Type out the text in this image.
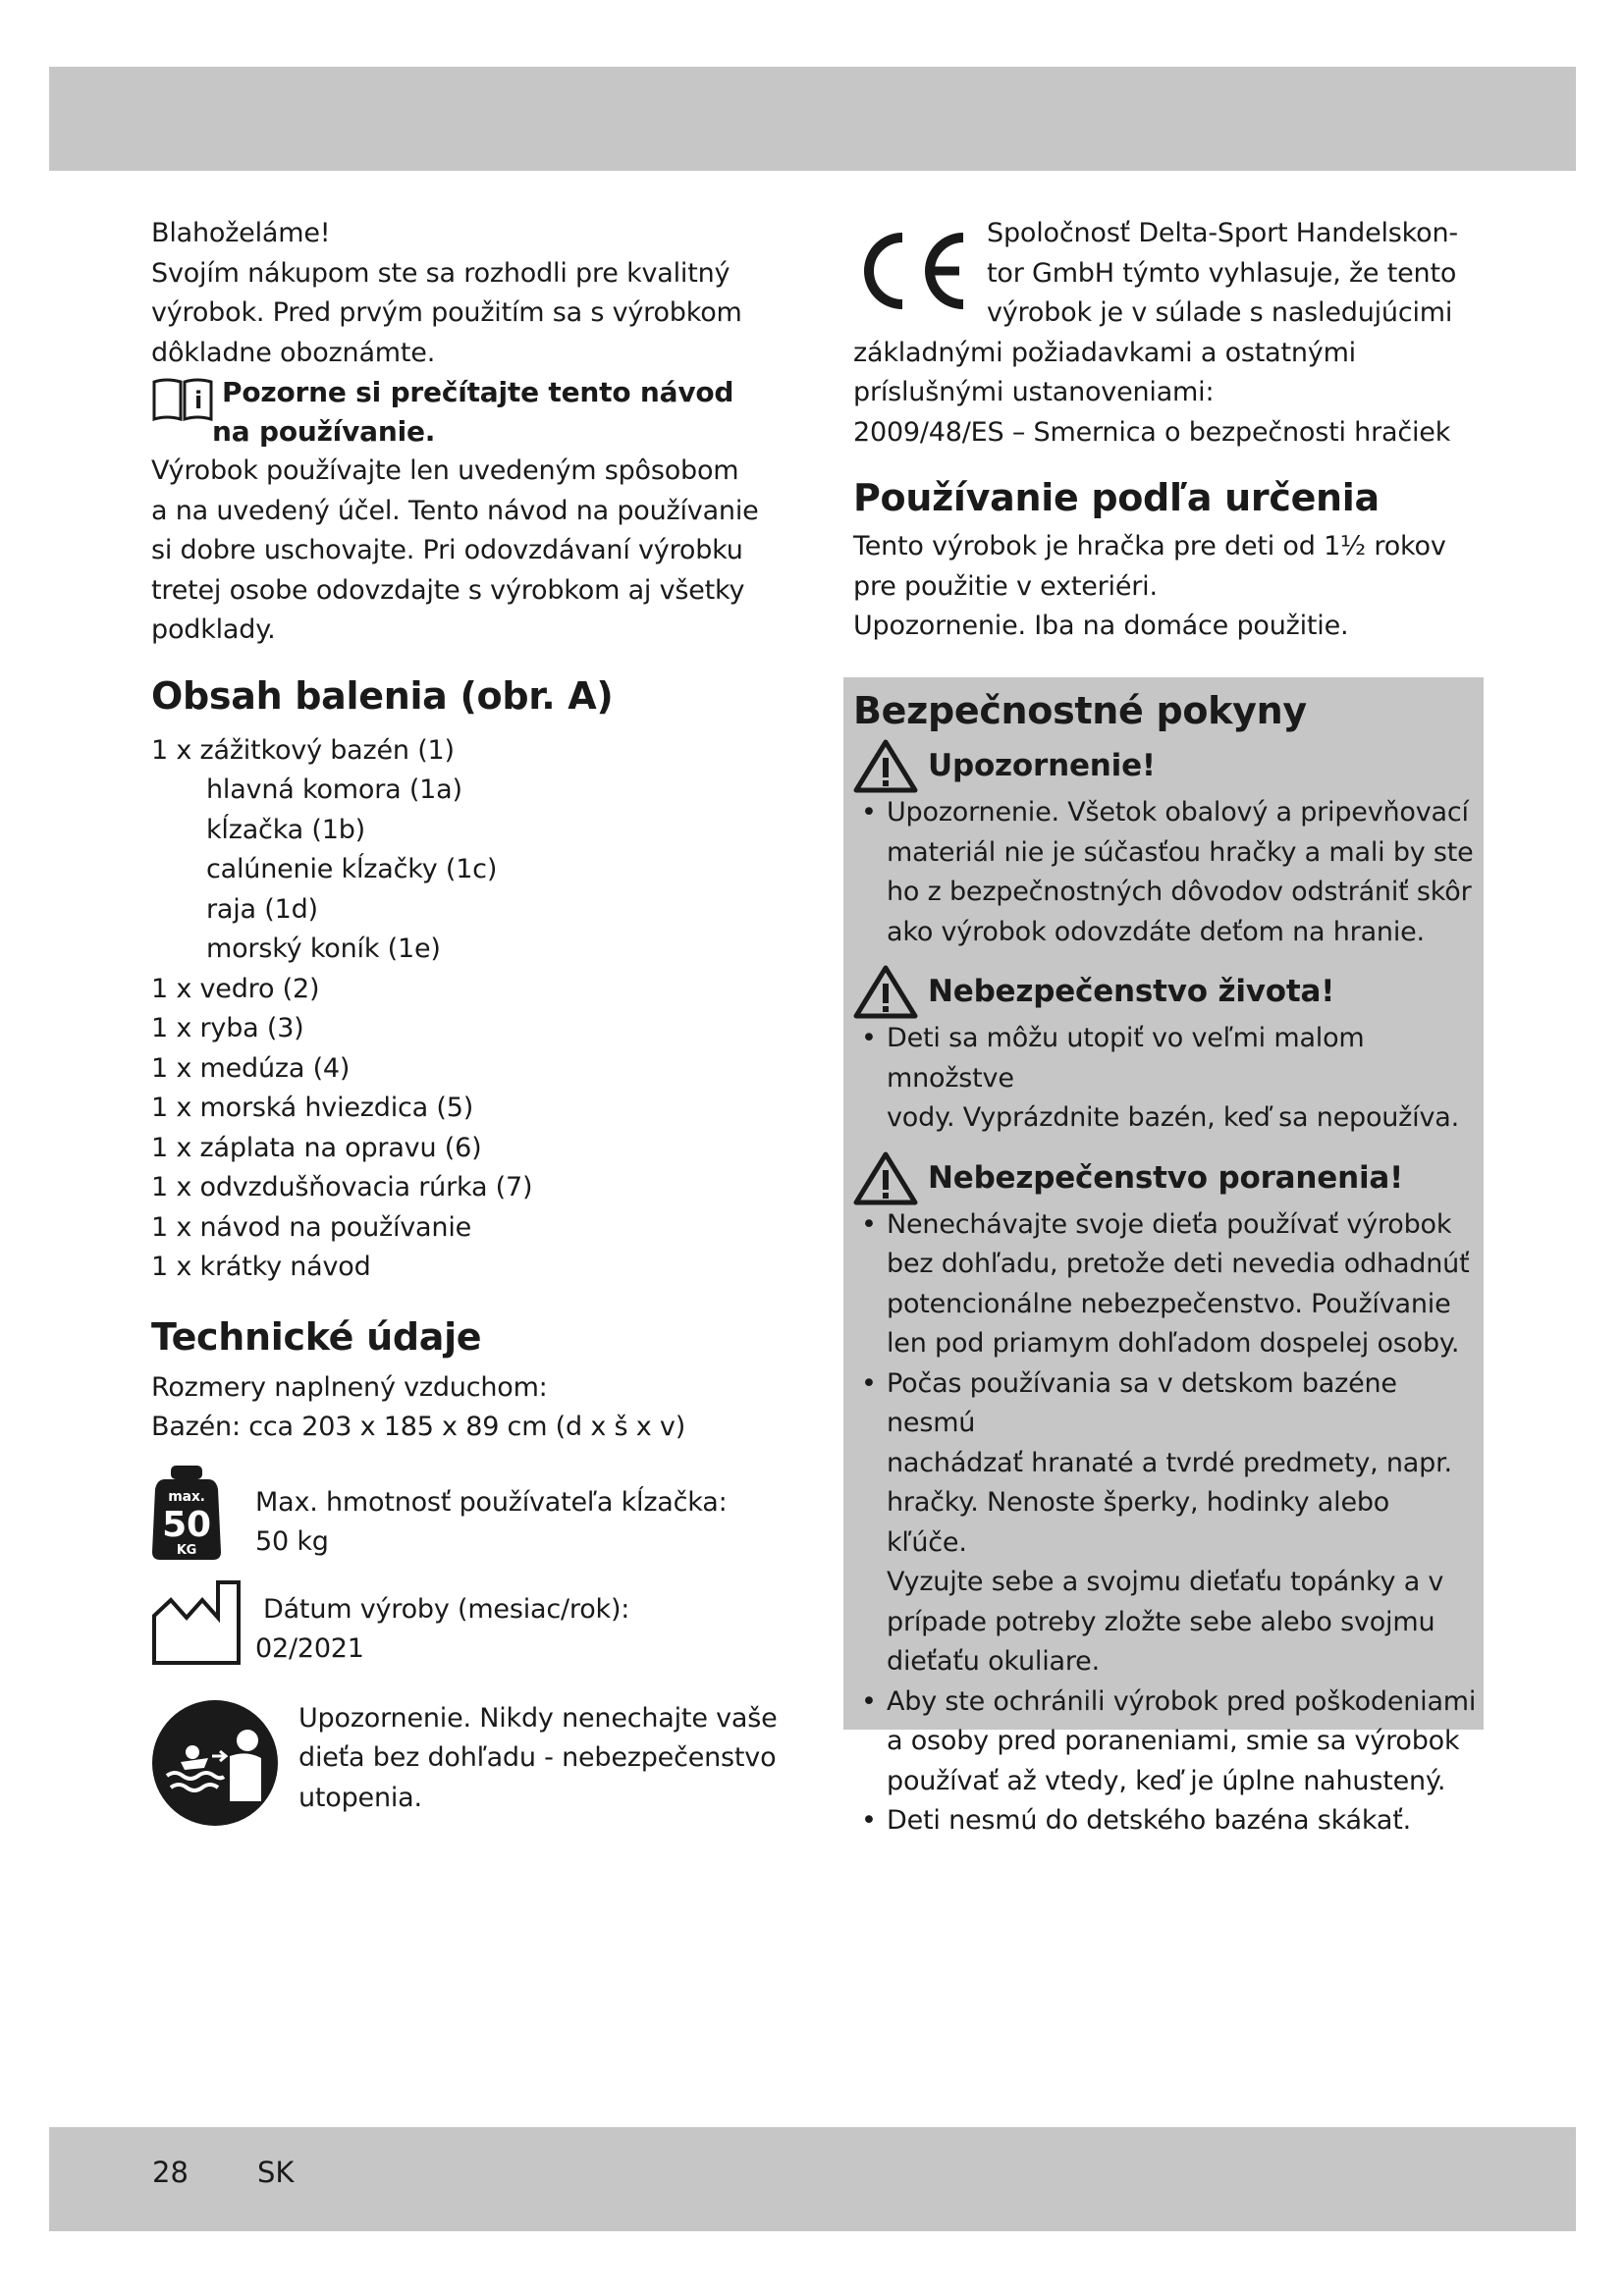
28 SK

Blahoželáme!

Svojím nákupom ste sa rozhodli pre kvalitný

výrobok. Pred prvým použitím sa s výrobkom

dôkladne oboznámte.

i Pozorne si prečítajte tento návod
na používanie.

Výrobok používajte len uvedeným spôsobom

a na uvedený účel. Tento návod na používanie

si dobre uschovajte. Pri odovzdávaní výrobku

tretej osobe odovzdajte s výrobkom aj všetky

podklady.

Obsah balenia (obr. A)
1 x zážitkový bazén (1)
hlavná komora (1a)
kĺzačka (1b)
calúnenie kĺzačky (1c)
raja (1d)
morský koník (1e)
1 x vedro (2)
1 x ryba (3)
1 x medúza (4)
1 x morská hviezdica (5)
1 x záplata na opravu (6)
1 x odvzdušňovacia rúrka (7)
1 x návod na používanie
1 x krátky návod
Technické údaje

Rozmery naplnený vzduchom:

Bazén: cca 203 x 185 x 89 cm (d x š x v)

max.
50
KG

Max. hmotnosť používateľa kĺzačka:

50 kg

Dátum výroby (mesiac/rok):

02/2021

Upozornenie. Nikdy nenechajte vaše

dieťa bez dohľadu - nebezpečenstvo

utopenia.

Spoločnosť Delta-Sport Handelskon-

tor GmbH týmto vyhlasuje, že tento

výrobok je v súlade s nasledujúcimi

základnými požiadavkami a ostatnými

príslušnými ustanoveniami:

2009/48/ES – Smernica o bezpečnosti hračiek

Používanie podľa určenia

Tento výrobok je hračka pre deti od 1½ rokov

pre použitie v exteriéri.

Upozornenie. Iba na domáce použitie.

Bezpečnostné pokyny
Upozornenie!
• Upozornenie. Všetok obalový a pripevňovací
materiál nie je súčasťou hračky a mali by ste
ho z bezpečnostných dôvodov odstrániť skôr
ako výrobok odovzdáte deťom na hranie.
Nebezpečenstvo života!
• Deti sa môžu utopiť vo veľmi malom množstve
vody. Vyprázdnite bazén, keď sa nepoužíva.
Nebezpečenstvo poranenia!
• Nenechávajte svoje dieťa používať výrobok
bez dohľadu, pretože deti nevedia odhadnúť
potencionálne nebezpečenstvo. Používanie
len pod priamym dohľadom dospelej osoby.
• Počas používania sa v detskom bazéne nesmú
nachádzať hranaté a tvrdé predmety, napr.
hračky. Nenoste šperky, hodinky alebo kľúče.
Vyzujte sebe a svojmu dieťaťu topánky a v
prípade potreby zložte sebe alebo svojmu
dieťaťu okuliare.
• Aby ste ochránili výrobok pred poškodeniami
a osoby pred poraneniami, smie sa výrobok
používať až vtedy, keď je úplne nahustený.
• Deti nesmú do detského bazéna skákať.
